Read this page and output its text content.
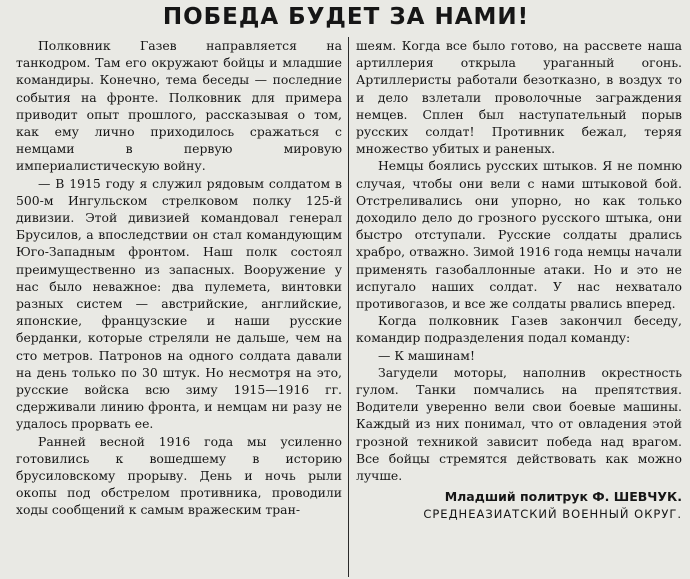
ПОБЕДА БУДЕТ ЗА НАМИ!

Полковник Газев направляется на танкодром. Там его окружают бойцы и младшие командиры. Конечно, тема беседы — последние события на фронте. Полковник для примера приводит опыт прошлого, рассказывая о том, как ему лично приходилось сражаться с немцами в первую мировую империалистическую войну.

— В 1915 году я служил рядовым солдатом в 500-м Ингульском стрелковом полку 125-й дивизии. Этой дивизией командовал генерал Брусилов, а впоследствии он стал командующим Юго-Западным фронтом. Наш полк состоял преимущественно из запасных. Вооружение у нас было неважное: два пулемета, винтовки разных систем — австрийские, английские, японские, французские и наши русские берданки, которые стреляли не дальше, чем на сто метров. Патронов на одного солдата давали на день только по 30 штук. Но несмотря на это, русские войска всю зиму 1915—1916 гг. сдерживали линию фронта, и немцам ни разу не удалось прорвать ее.

Ранней весной 1916 года мы усиленно готовились к вошедшему в историю брусиловскому прорыву. День и ночь рыли окопы под обстрелом противника, проводили ходы сообщений к самым вражеским тран-

шеям. Когда все было готово, на рассвете наша артиллерия открыла ураганный огонь. Артиллеристы работали безотказно, в воздух то и дело взлетали проволочные заграждения немцев. Сплен был наступательный порыв русских солдат! Противник бежал, теряя множество убитых и раненых.

Немцы боялись русских штыков. Я не помню случая, чтобы они вели с нами штыковой бой. Отстреливались они упорно, но как только доходило дело до грозного русского штыка, они быстро отступали. Русские солдаты дрались храбро, отважно. Зимой 1916 года немцы начали применять газобаллонные атаки. Но и это не испугало наших солдат. У нас нехватало противогазов, и все же солдаты рвались вперед.

Когда полковник Газев закончил беседу, командир подразделения подал команду:

— К машинам!

Загудели моторы, наполнив окрестность гулом. Танки помчались на препятствия. Водители уверенно вели свои боевые машины. Каждый из них понимал, что от овладения этой грозной техникой зависит победа над врагом. Все бойцы стремятся действовать как можно лучше.

Младший политрук Ф. ШЕВЧУК.
СРЕДНЕАЗИАТСКИЙ ВОЕННЫЙ ОКРУГ.
